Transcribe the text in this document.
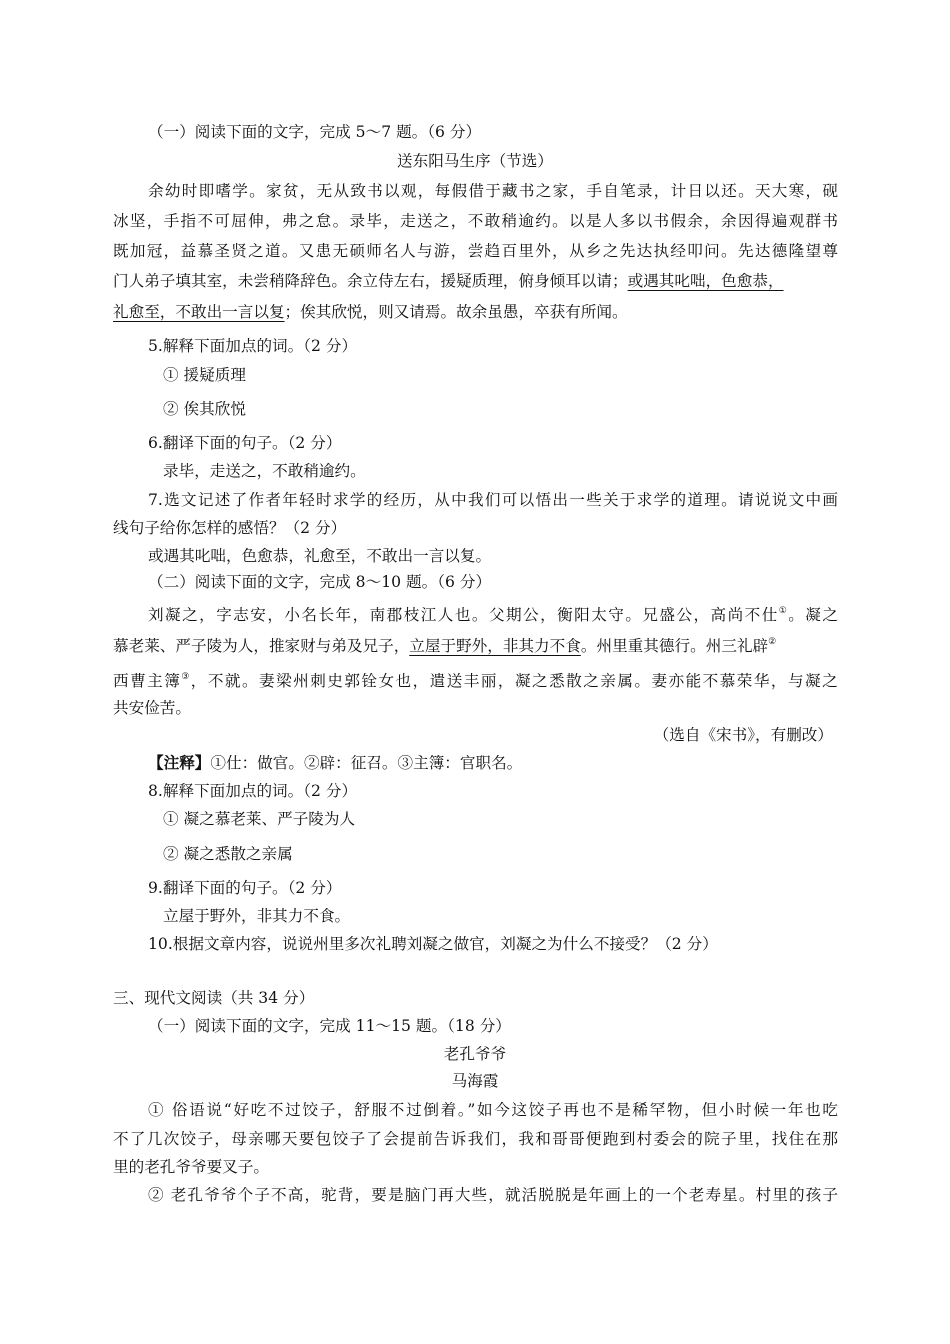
（一）阅读下面的文字，完成 5～7 题。（6 分）
送东阳马生序（节选）
余幼时即嗜学。家贫，无从致书以观，每假借于藏书之家，手自笔录，计日以还。天大寒，砚
冰坚，手指不可屈伸，弗之怠。录毕，走送之，不敢稍逾约。以是人多以书假余，余因得遍观群书
既加冠，益慕圣贤之道。又患无硕师名人与游，尝趋百里外，从乡之先达执经叩问。先达德隆望尊
门人弟子填其室，未尝稍降辞色。余立侍左右，援疑质理，俯身倾耳以请；或遇其叱咄，色愈恭，
礼愈至，不敢出一言以复；俟其欣悦，则又请焉。故余虽愚，卒获有所闻。
5.解释下面加点的词。（2 分）
① 援疑质理
② 俟其欣悦
6.翻译下面的句子。（2 分）
录毕，走送之，不敢稍逾约。
7.选文记述了作者年轻时求学的经历，从中我们可以悟出一些关于求学的道理。请说说文中画
线句子给你怎样的感悟？（2 分）
或遇其叱咄，色愈恭，礼愈至，不敢出一言以复。
（二）阅读下面的文字，完成 8～10 题。（6 分）
刘凝之，字志安，小名长年，南郡枝江人也。父期公，衡阳太守。兄盛公，高尚不仕①。凝之
慕老莱、严子陵为人，推家财与弟及兄子，立屋于野外，非其力不食。州里重其德行。州三礼辟②
西曹主簿③，不就。妻梁州刺史郭铨女也，遣送丰丽，凝之悉散之亲属。妻亦能不慕荣华，与凝之
共安俭苦。
（选自《宋书》，有删改）
【注释】①仕：做官。②辟：征召。③主簿：官职名。
8.解释下面加点的词。（2 分）
① 凝之慕老莱、严子陵为人
② 凝之悉散之亲属
9.翻译下面的句子。（2 分）
立屋于野外，非其力不食。
10.根据文章内容，说说州里多次礼聘刘凝之做官，刘凝之为什么不接受？（2 分）
三、现代文阅读（共 34 分）
（一）阅读下面的文字，完成 11～15 题。（18 分）
老孔爷爷
马海霞
① 俗语说“好吃不过饺子，舒服不过倒着。”如今这饺子再也不是稀罕物，但小时候一年也吃
不了几次饺子，母亲哪天要包饺子了会提前告诉我们，我和哥哥便跑到村委会的院子里，找住在那
里的老孔爷爷要叉子。
② 老孔爷爷个子不高，驼背，要是脑门再大些，就活脱脱是年画上的一个老寿星。村里的孩子
